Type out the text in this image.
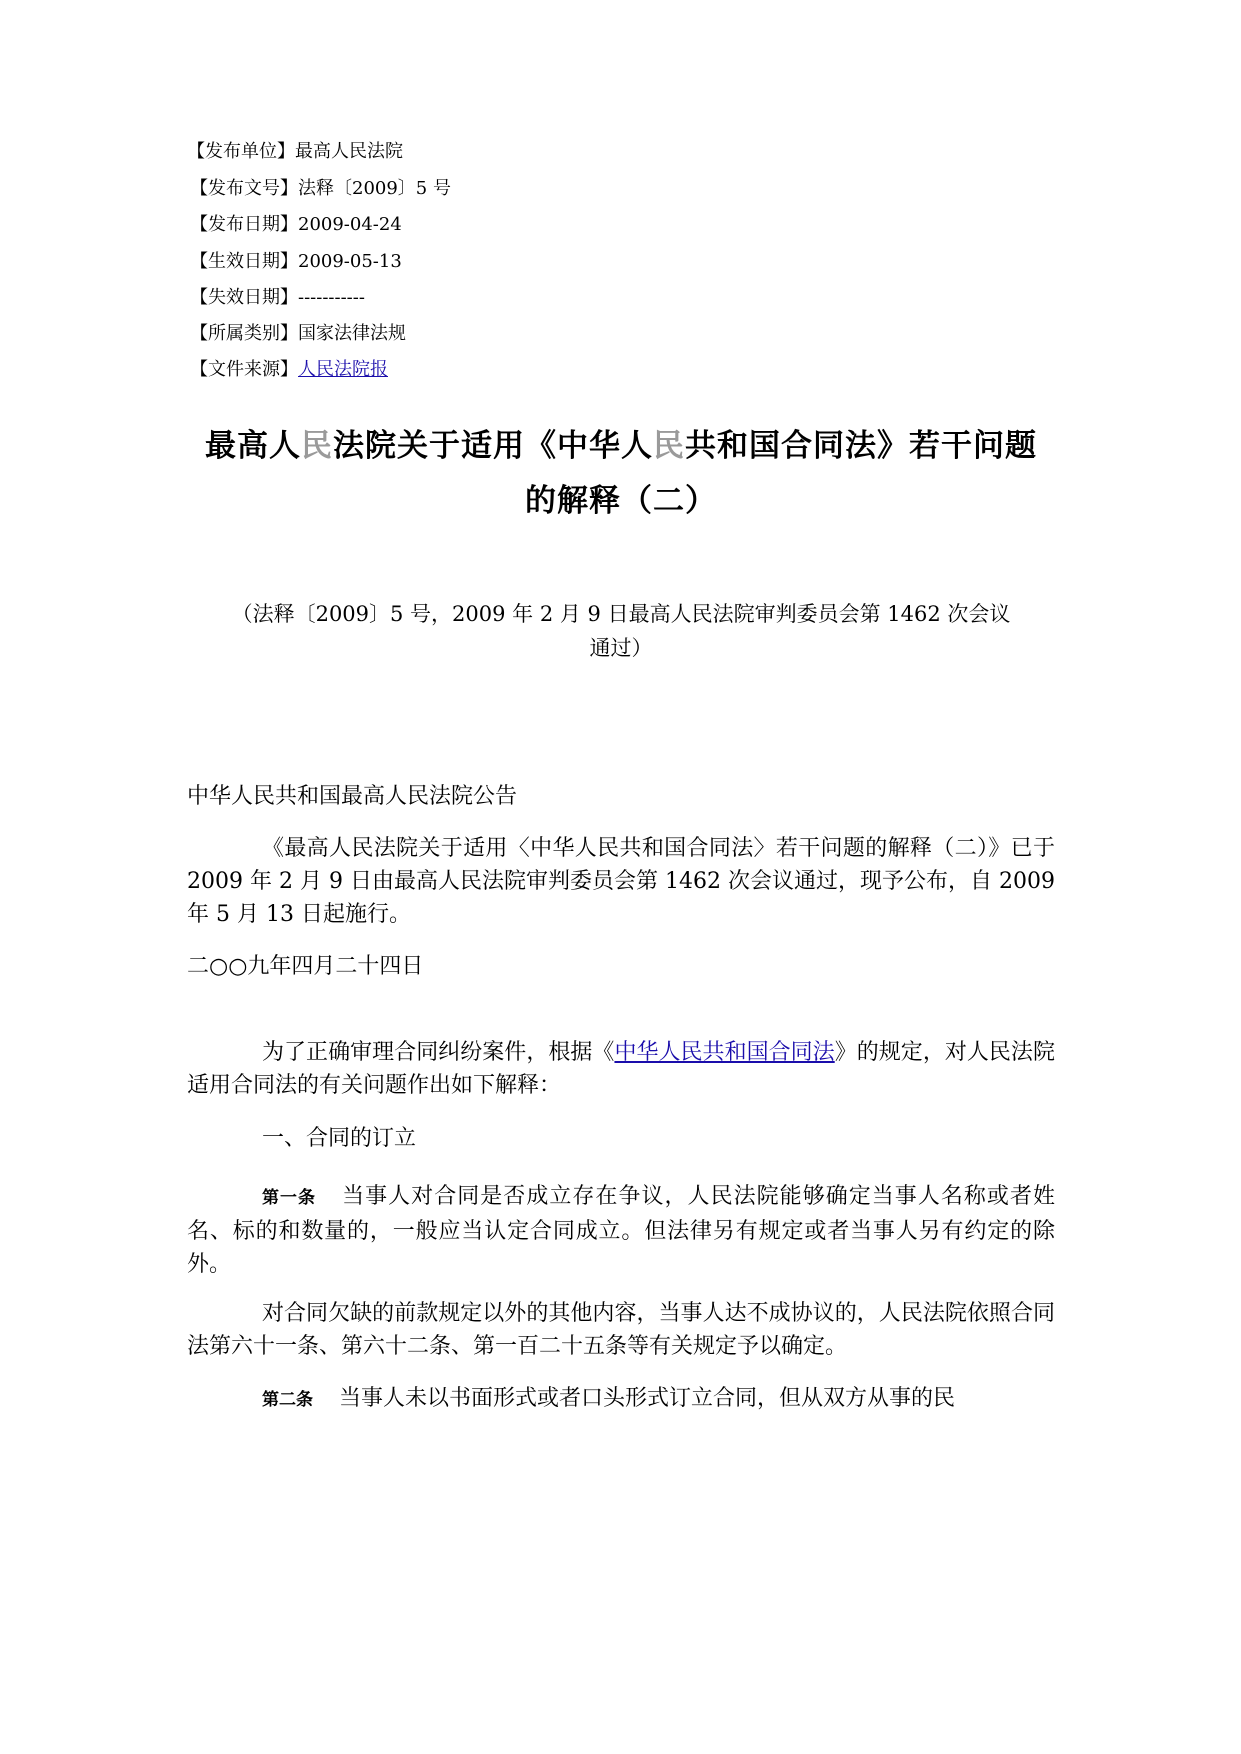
【发布单位】最高人民法院
【发布文号】法释〔2009〕5 号
【发布日期】2009-04-24
【生效日期】2009-05-13
【失效日期】-----------
【所属类别】国家法律法规
【文件来源】人民法院报
最高人民法院关于适用《中华人民共和国合同法》若干问题
的解释（二）
（法释〔2009〕5 号，2009 年 2 月 9 日最高人民法院审判委员会第 1462 次会议
通过）
中华人民共和国最高人民法院公告
《最高人民法院关于适用〈中华人民共和国合同法〉若干问题的解释（二）》已于 2009 年 2 月 9 日由最高人民法院审判委员会第 1462 次会议通过，现予公布，自 2009 年 5 月 13 日起施行。
二○○九年四月二十四日
为了正确审理合同纠纷案件，根据《中华人民共和国合同法》的规定，对人民法院适用合同法的有关问题作出如下解释：
一、合同的订立
第一条 当事人对合同是否成立存在争议，人民法院能够确定当事人名称或者姓名、标的和数量的，一般应当认定合同成立。但法律另有规定或者当事人另有约定的除外。
对合同欠缺的前款规定以外的其他内容，当事人达不成协议的，人民法院依照合同法第六十一条、第六十二条、第一百二十五条等有关规定予以确定。
第二条 当事人未以书面形式或者口头形式订立合同，但从双方从事的民
